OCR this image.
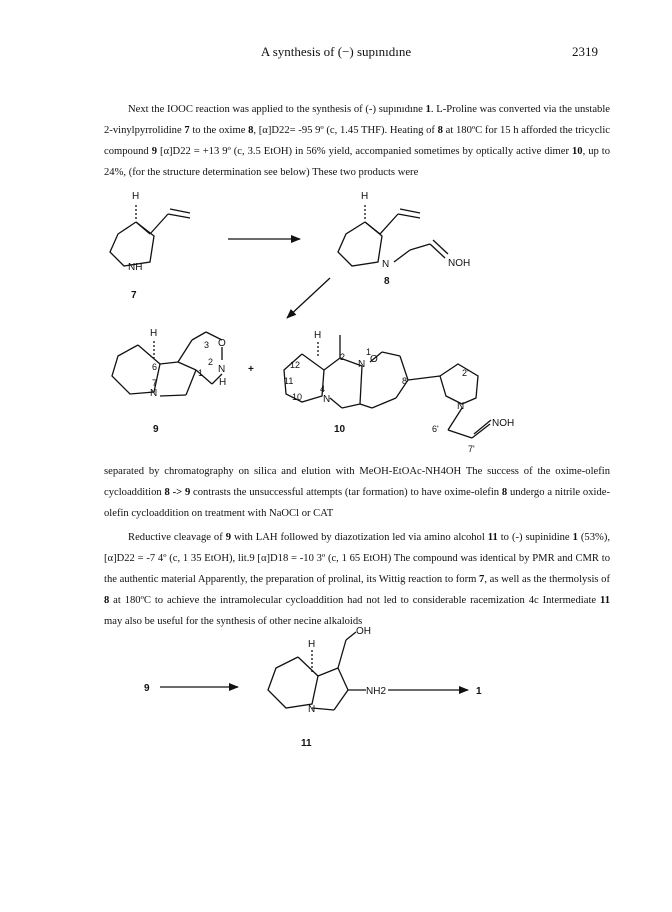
A synthesis of (−) supınıdıne	2319

Next the IOOC reaction was applied to the synthesis of (-) supınıdıne 1. L-Proline was converted via the unstable 2-vinylpyrrolidine 7 to the oxime 8, [α]D22= -95 9º (c, 1.45 THF). Heating of 8 at 180ºC for 15 h afforded the tricyclic compound 9 [α]D22 = +13 9º (c, 3.5 EtOH) in 56% yield, accompanied sometimes by optically active dimer 10, up to 24%, (for the structure determination see below) These two products were

separated by chromatography on silica and elution with MeOH-EtOAc-NH4OH The success of the oxime-olefin cycloaddition 8 -> 9 contrasts the unsuccessful attempts (tar formation) to have oxime-olefin 8 undergo a nitrile oxide-olefin cycloaddition on treatment with NaOCl or CAT

Reductive cleavage of 9 with LAH followed by diazotization led via amino alcohol 11 to (-) supinidine 1 (53%), [α]D22 = -7 4º (c, 1 35 EtOH), lit.9 [α]D18 = -10 3º (c, 1 65 EtOH) The compound was identical by PMR and CMR to the authentic material Apparently, the preparation of prolinal, its Wittig reaction to form 7, as well as the thermolysis of 8 at 180ºC to achieve the intramolecular cycloaddition had not led to considerable racemization 4c Intermediate 11 may also be useful for the synthesis of other necine alkaloids

H
NH
7
H
N	NOH
8
H
O
N
H
N
3
2
1
6
7
9
+
H
N O
N
N
NOH
1
2
4
8
10
11
12
2'
6'
7'
10
9
H
OH
NH2
N
11
1
